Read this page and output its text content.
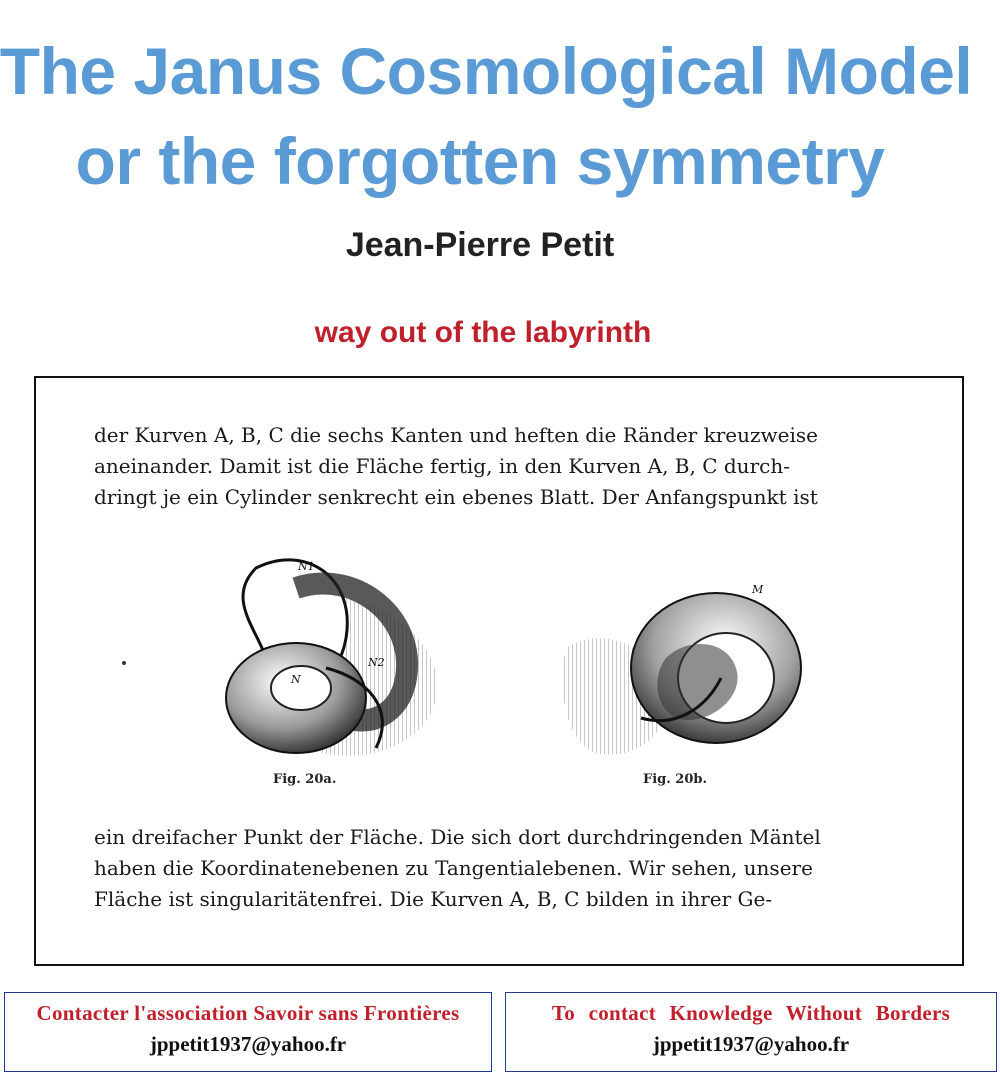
The Janus Cosmological Model
or the forgotten symmetry
Jean-Pierre Petit
way out of the labyrinth
der Kurven A, B, C die sechs Kanten und heften die Ränder kreuzweise
aneinander. Damit ist die Fläche fertig, in den Kurven A, B, C durch-
dringt je ein Cylinder senkrecht ein ebenes Blatt. Der Anfangspunkt ist
N1
N2
N
M
Fig. 20a.	Fig. 20b.
ein dreifacher Punkt der Fläche. Die sich dort durchdringenden Mäntel
haben die Koordinatenebenen zu Tangentialebenen. Wir sehen, unsere
Fläche ist singularitätenfrei. Die Kurven A, B, C bilden in ihrer Ge-
Contacter l'association Savoir sans Frontières
jppetit1937@yahoo.fr
To contact Knowledge Without Borders
jppetit1937@yahoo.fr
